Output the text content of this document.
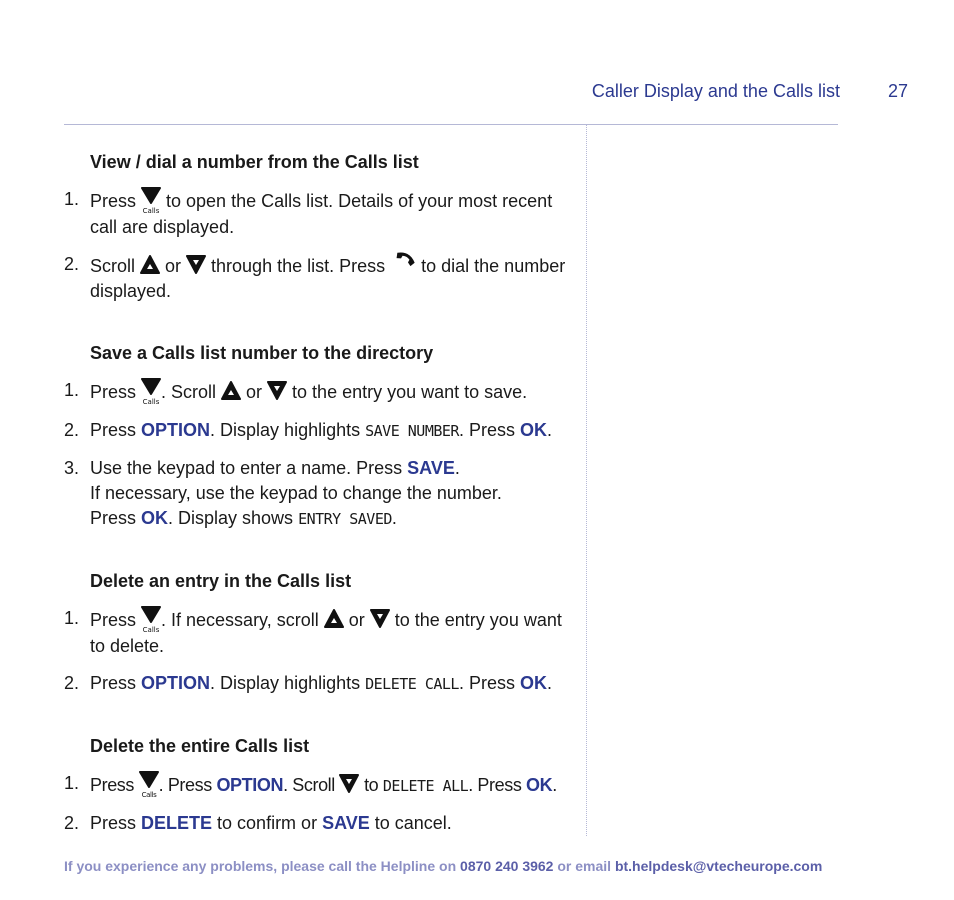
Caller Display and the Calls list	27
View / dial a number from the Calls list
1. Press Calls to open the Calls list. Details of your most recent call are displayed.
2. Scroll
or
through the list. Press
to dial the number displayed.
Save a Calls list number to the directory
1. Press Calls . Scroll
or
to the entry you want to save.
2. Press OPTION. Display highlights SAVE NUMBER. Press OK.
3. Use the keypad to enter a name. Press SAVE.
If necessary, use the keypad to change the number.
Press OK. Display shows ENTRY SAVED.
Delete an entry in the Calls list
1. Press Calls . If necessary, scroll
or
to the entry you want to delete.
2. Press OPTION. Display highlights DELETE CALL. Press OK.
Delete the entire Calls list
1. Press Calls . Press OPTION. Scroll
to DELETE ALL. Press OK.
2. Press DELETE to confirm or SAVE to cancel.
If you experience any problems, please call the Helpline on 0870 240 3962 or email bt.helpdesk@vtecheurope.com
